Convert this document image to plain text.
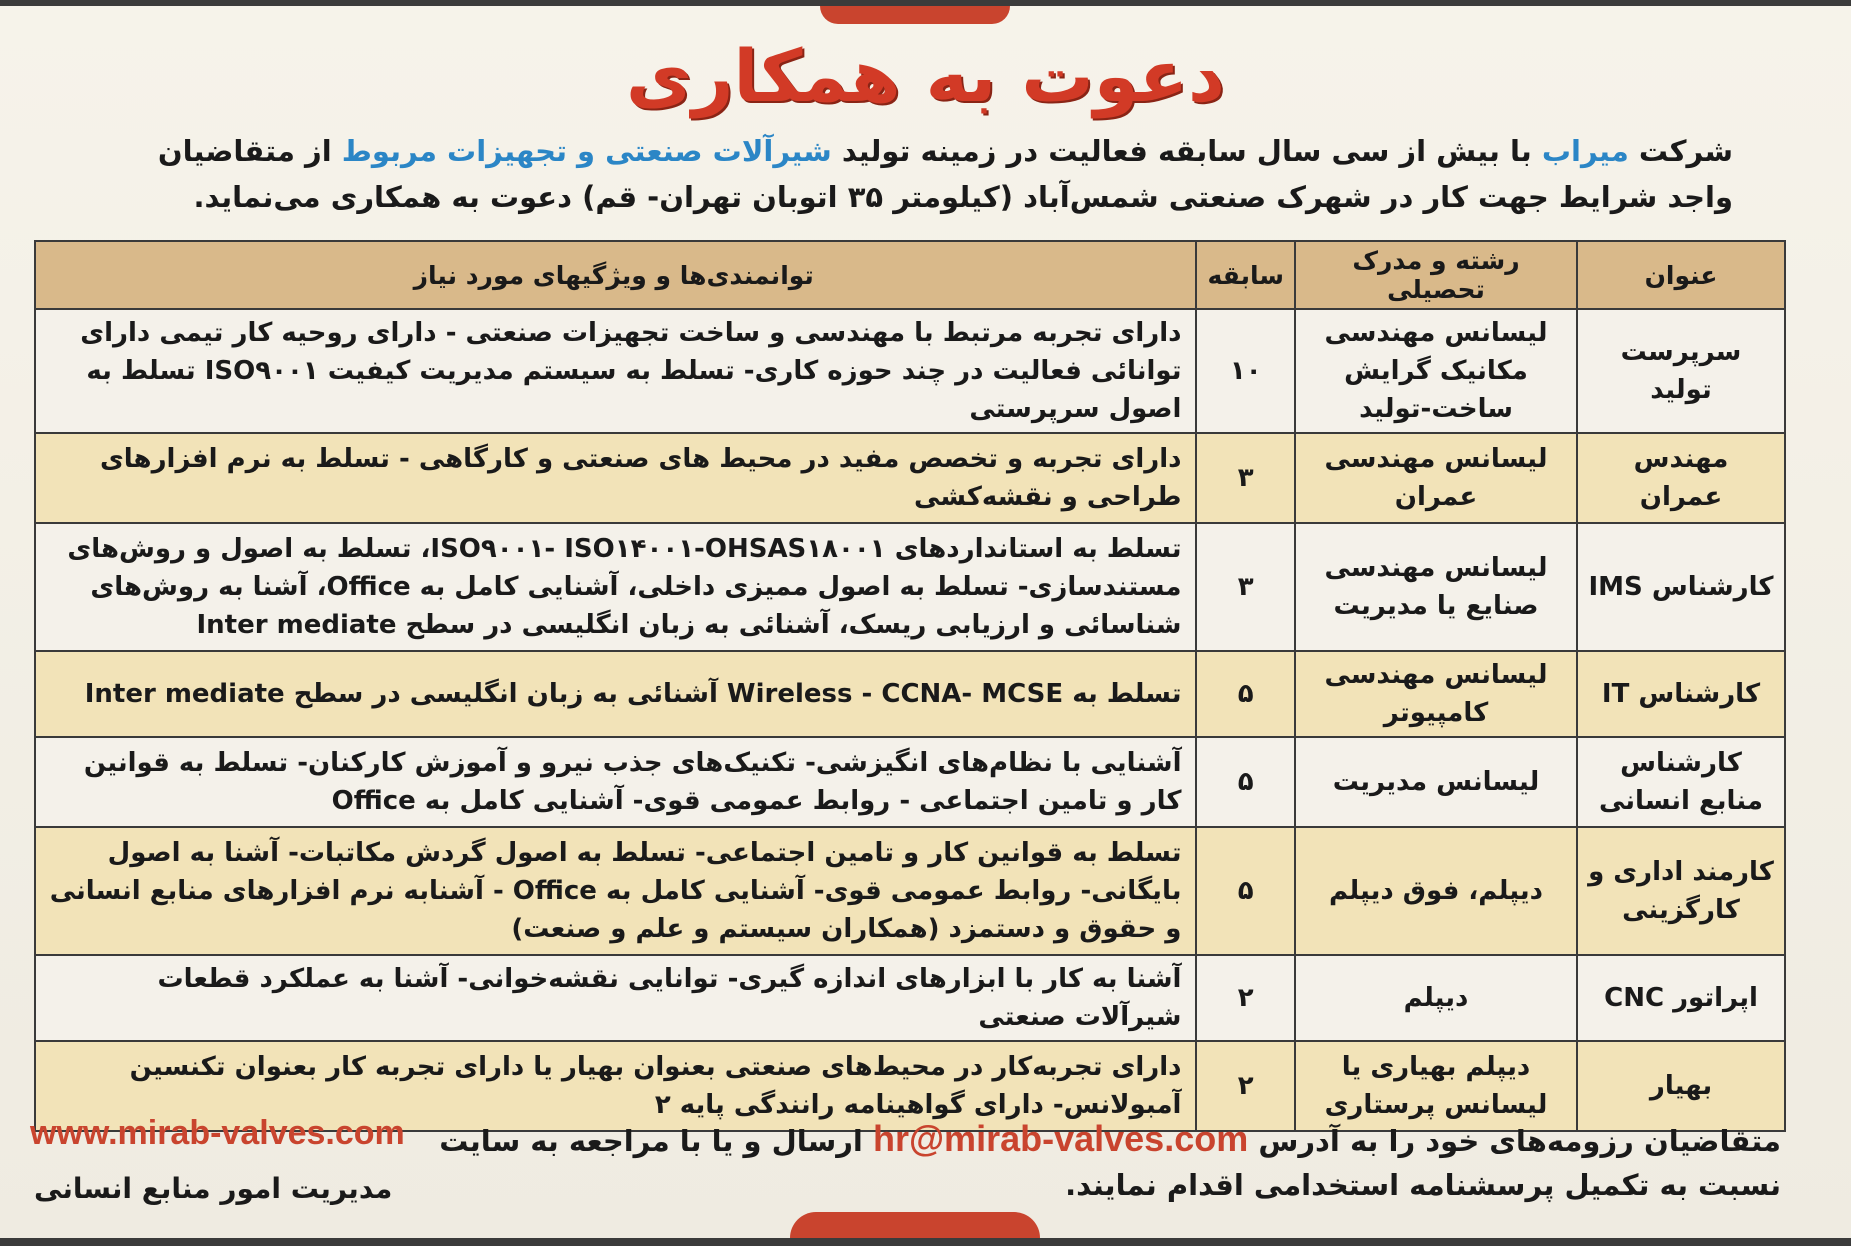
دعوت به همکاری
شرکت میراب با بیش از سی سال سابقه فعالیت در زمینه تولید شیرآلات صنعتی و تجهیزات مربوط از متقاضیان واجد شرایط جهت کار در شهرک صنعتی شمس‌آباد (کیلومتر ۳۵ اتوبان تهران- قم) دعوت به همکاری می‌نماید.
عنوان	رشته و مدرک تحصیلی	سابقه	توانمندی‌ها و ویژگیهای مورد نیاز
سرپرست تولید	لیسانس مهندسی مکانیک گرایش ساخت-تولید	۱۰	دارای تجربه مرتبط با مهندسی و ساخت تجهیزات صنعتی - دارای روحیه کار تیمی دارای توانائی فعالیت در چند حوزه کاری- تسلط به سیستم مدیریت کیفیت ISO۹۰۰۱ تسلط به اصول سرپرستی
مهندس عمران	لیسانس مهندسی عمران	۳	دارای تجربه و تخصص مفید در محیط های صنعتی و کارگاهی - تسلط به نرم افزارهای طراحی و نقشه‌کشی
کارشناس IMS	لیسانس مهندسی صنایع یا مدیریت	۳	تسلط به استانداردهای ISO۹۰۰۱- ISO۱۴۰۰۱-OHSAS۱۸۰۰۱، تسلط به اصول و روش‌های مستندسازی- تسلط به اصول ممیزی داخلی، آشنایی کامل به Office، آشنا به روش‌های شناسائی و ارزیابی ریسک، آشنائی به زبان انگلیسی در سطح Inter mediate
کارشناس IT	لیسانس مهندسی کامپیوتر	۵	تسلط به Wireless - CCNA- MCSE آشنائی به زبان انگلیسی در سطح Inter mediate
کارشناس منابع انسانی	لیسانس مدیریت	۵	آشنایی با نظام‌های انگیزشی- تکنیک‌های جذب نیرو و آموزش کارکنان- تسلط به قوانین کار و تامین اجتماعی - روابط عمومی قوی- آشنایی کامل به Office
کارمند اداری و کارگزینی	دیپلم، فوق دیپلم	۵	تسلط به قوانین کار و تامین اجتماعی- تسلط به اصول گردش مکاتبات- آشنا به اصول بایگانی- روابط عمومی قوی- آشنایی کامل به Office - آشنابه نرم افزارهای منابع انسانی و حقوق و دستمزد (همکاران سیستم و علم و صنعت)
اپراتور CNC	دیپلم	۲	آشنا به کار با ابزارهای اندازه گیری- توانایی نقشه‌خوانی- آشنا به عملکرد قطعات شیرآلات صنعتی
بهیار	دیپلم بهیاری یا لیسانس پرستاری	۲	دارای تجربه‌کار در محیط‌های صنعتی بعنوان بهیار یا دارای تجربه کار بعنوان تکنسین آمبولانس- دارای گواهینامه رانندگی پایه ۲
متقاضیان رزومه‌های خود را به آدرس hr@mirab-valves.com ارسال و یا با مراجعه به سایت
www.mirab-valves.com
نسبت به تکمیل پرسشنامه استخدامی اقدام نمایند.
مدیریت امور منابع انسانی
